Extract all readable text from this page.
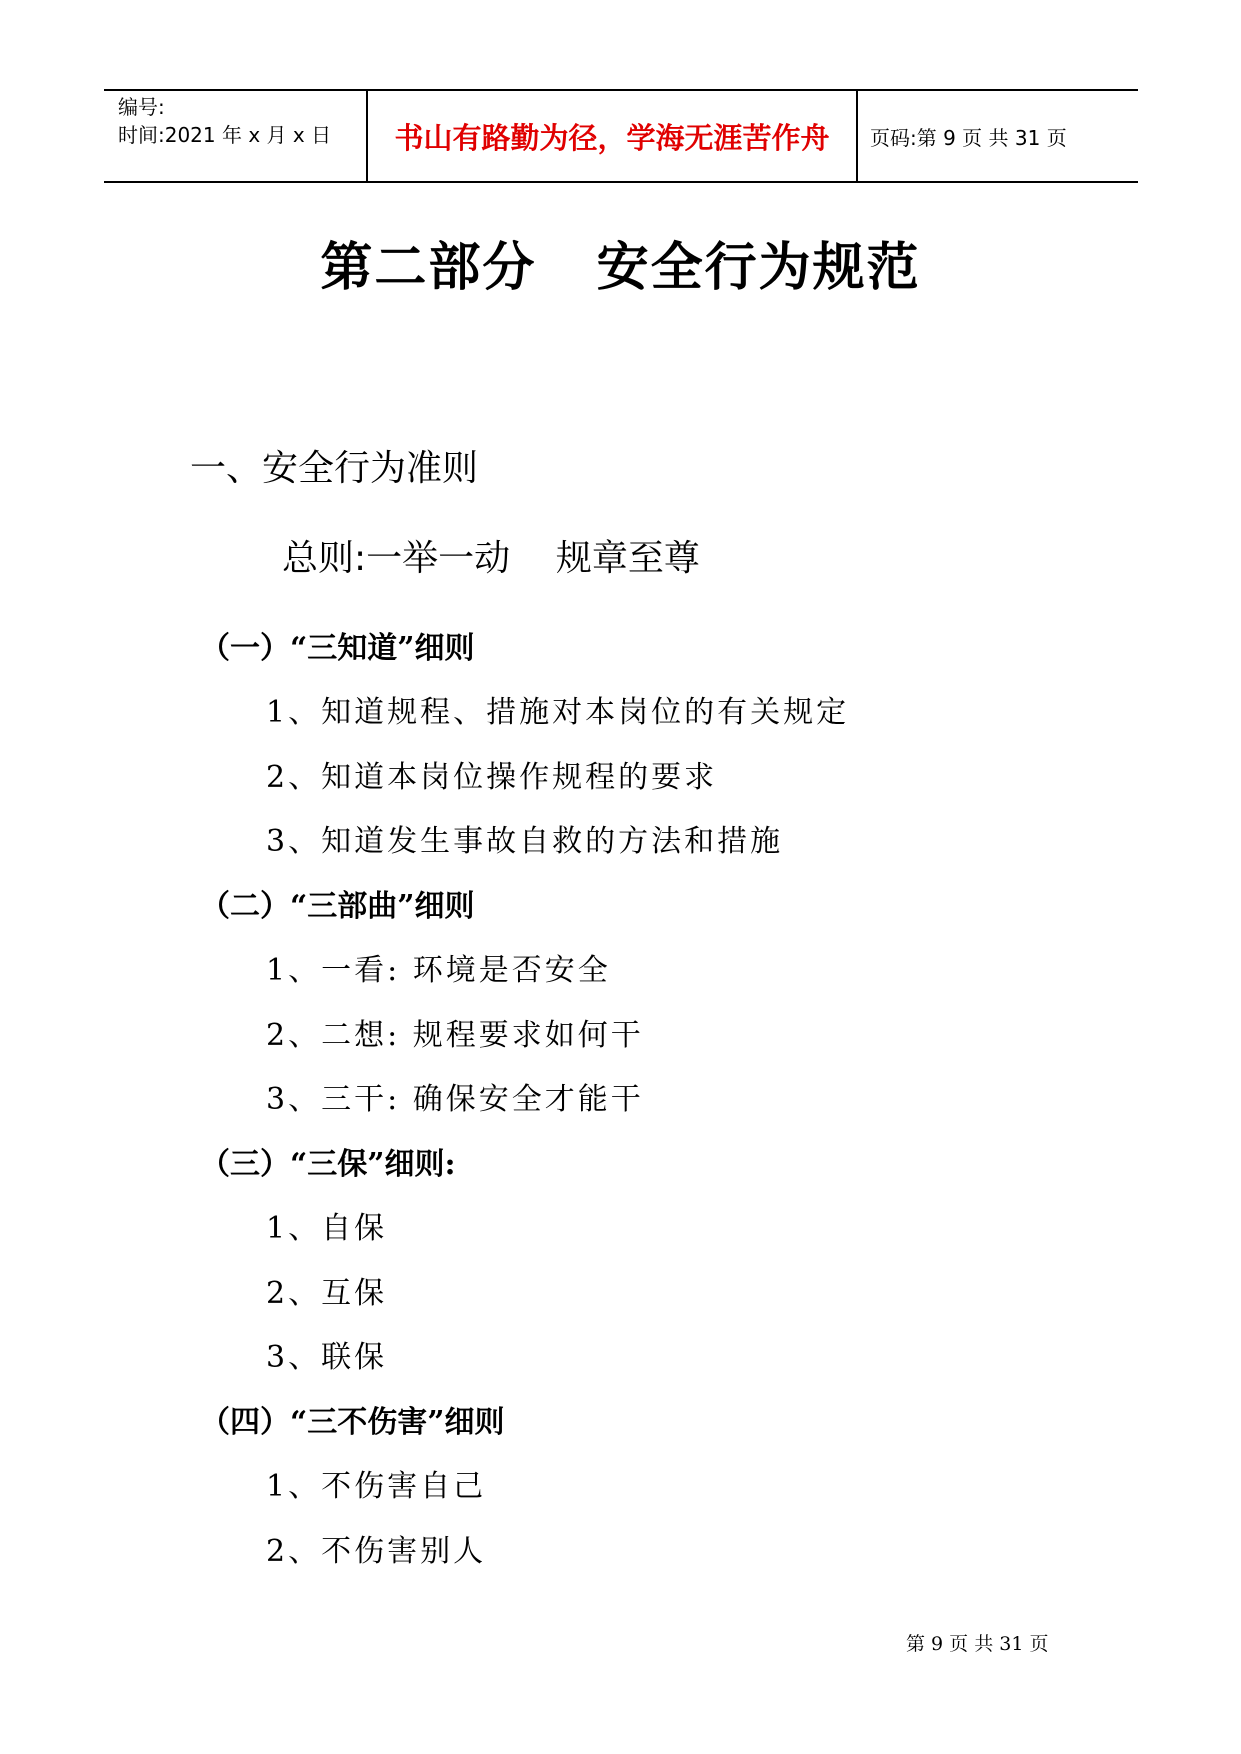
编号:
时间:2021 年 x 月 x 日	书山有路勤为径，学海无涯苦作舟 页码:第 9 页 共 31 页
第二部分   安全行为规范
一、安全行为准则
总则:一举一动    规章至尊
（一）“三知道”细则
1、知道规程、措施对本岗位的有关规定
2、知道本岗位操作规程的要求
3、知道发生事故自救的方法和措施
（二）“三部曲”细则
1、一看: 环境是否安全
2、二想: 规程要求如何干
3、三干: 确保安全才能干
（三）“三保”细则:
1、自保
2、互保
3、联保
（四）“三不伤害”细则
1、不伤害自己
2、不伤害别人
第 9 页 共 31 页
